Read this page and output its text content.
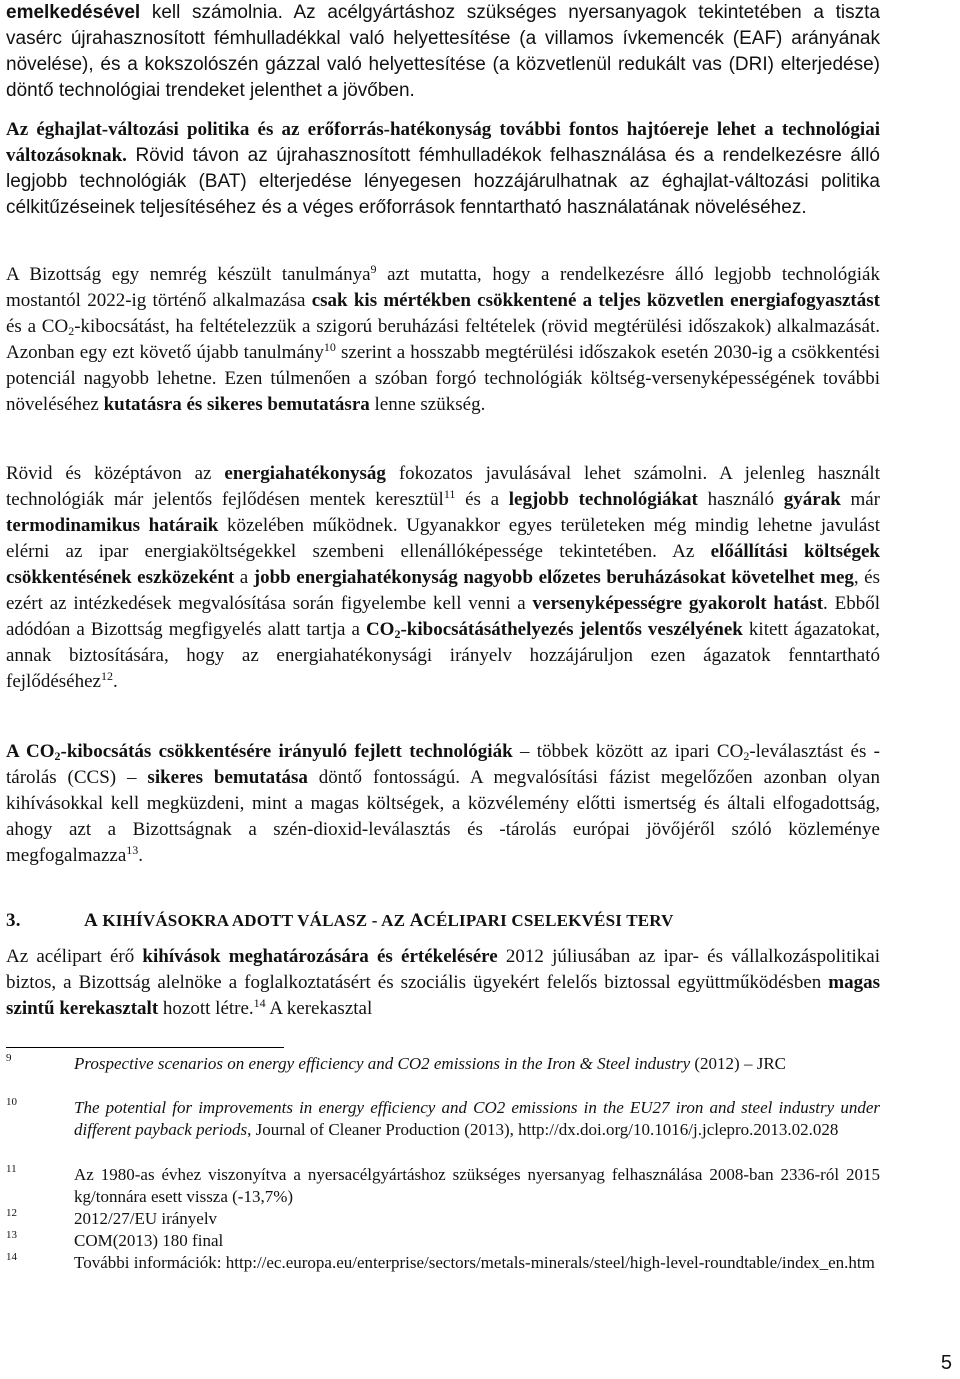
emelkedésével kell számolnia. Az acélgyártáshoz szükséges nyersanyagok tekintetében a tiszta vasérc újrahasznosított fémhulladékkal való helyettesítése (a villamos ívkemencék (EAF) arányának növelése), és a kokszolószén gázzal való helyettesítése (a közvetlenül redukált vas (DRI) elterjedése) döntő technológiai trendeket jelenthet a jövőben.

Az éghajlat-változási politika és az erőforrás-hatékonyság további fontos hajtóereje lehet a technológiai változásoknak. Rövid távon az újrahasznosított fémhulladékok felhasználása és a rendelkezésre álló legjobb technológiák (BAT) elterjedése lényegesen hozzájárulhatnak az éghajlat-változási politika célkitűzéseinek teljesítéséhez és a véges erőforrások fenntartható használatának növeléséhez.

A Bizottság egy nemrég készült tanulmánya$^9$ azt mutatta, hogy a rendelkezésre álló legjobb technológiák mostantól 2022-ig történő alkalmazása csak kis mértékben csökkentené a teljes közvetlen energiafogyasztást és a $CO_2$-kibocsátást, ha feltételezzük a szigorú beruházási feltételek (rövid megtérülési időszakok) alkalmazását. Azonban egy ezt követő újabb tanulmány$^{10}$ szerint a hosszabb megtérülési időszakok esetén 2030-ig a csökkentési potenciál nagyobb lehetne. Ezen túlmenően a szóban forgó technológiák költség-versenyképességének további növeléséhez kutatásra és sikeres bemutatásra lenne szükség.

Rövid és középtávon az energiahatékonyság fokozatos javulásával lehet számolni. A jelenleg használt technológiák már jelentős fejlődésen mentek keresztül$^{11}$ és a legjobb technológiákat használó gyárak már termodinamikus határaik közelében működnek. Ugyanakkor egyes területeken még mindig lehetne javulást elérni az ipar energiaköltségekkel szembeni ellenállóképessége tekintetében. Az előállítási költségek csökkentésének eszközeként a jobb energiahatékonyság nagyobb előzetes beruházásokat követelhet meg, és ezért az intézkedések megvalósítása során figyelembe kell venni a versenyképességre gyakorolt hatást. Ebből adódóan a Bizottság megfigyelés alatt tartja a $CO_2$-kibocsátásáthelyezés jelentős veszélyének kitett ágazatokat, annak biztosítására, hogy az energiahatékonysági irányelv hozzájáruljon ezen ágazatok fenntartható fejlődéséhez$^{12}$.

A $CO_2$-kibocsátás csökkentésére irányuló fejlett technológiák – többek között az ipari $CO_2$-leválasztást és -tárolás (CCS) – sikeres bemutatása döntő fontosságú. A megvalósítási fázist megelőzően azonban olyan kihívásokkal kell megküzdeni, mint a magas költségek, a közvélemény előtti ismertség és általi elfogadottság, ahogy azt a Bizottságnak a szén-dioxid-leválasztás és -tárolás európai jövőjéről szóló közleménye megfogalmazza$^{13}$.

3.	A KIHÍVÁSOKRA ADOTT VÁLASZ - AZ ACÉLIPARI CSELEKVÉSI TERV

Az acélipart érő kihívások meghatározására és értékelésére 2012 júliusában az ipar- és vállalkozáspolitikai biztos, a Bizottság alelnöke a foglalkoztatásért és szociális ügyekért felelős biztossal együttműködésben magas szintű kerekasztalt hozott létre.$^{14}$ A kerekasztal

9	Prospective scenarios on energy efficiency and CO2 emissions in the Iron & Steel industry (2012) – JRC
10	The potential for improvements in energy efficiency and CO2 emissions in the EU27 iron and steel industry under different payback periods, Journal of Cleaner Production (2013), http://dx.doi.org/10.1016/j.jclepro.2013.02.028
11	Az 1980-as évhez viszonyítva a nyersacélgyártáshoz szükséges nyersanyag felhasználása 2008-ban 2336-ról 2015 kg/tonnára esett vissza (-13,7%)
12	2012/27/EU irányelv
13	COM(2013) 180 final
14	További információk: http://ec.europa.eu/enterprise/sectors/metals-minerals/steel/high-level-roundtable/index_en.htm
5
